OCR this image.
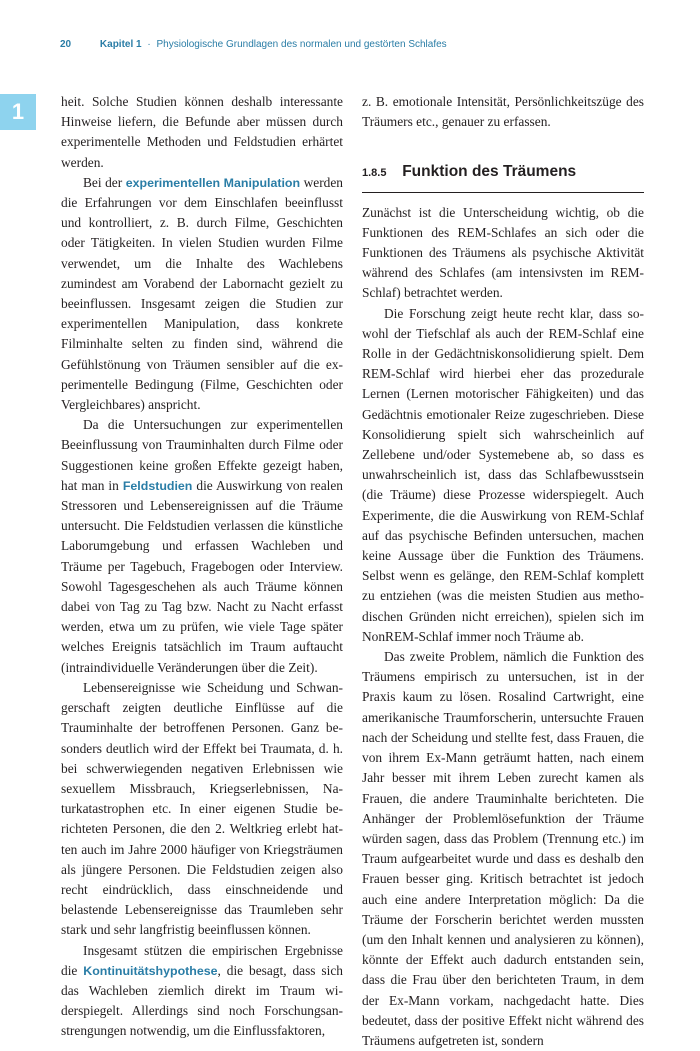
20	Kapitel 1 · Physiologische Grundlagen des normalen und gestörten Schlafes
1	heit. Solche Studien können deshalb interessante Hinweise liefern, die Befunde aber müssen durch experimentelle Methoden und Feldstudien erhärtet werden.

Bei der experimentellen Manipulation werden die Erfahrungen vor dem Einschlafen beeinflusst und kontrolliert, z. B. durch Filme, Geschichten oder Tätigkeiten. In vielen Studien wurden Filme verwendet, um die Inhalte des Wachlebens zumindest am Vorabend der Labornacht gezielt zu beeinflussen. Insgesamt zeigen die Studien zur experimentellen Manipulation, dass konkrete Filminhalte selten zu finden sind, während die Gefühlstönung von Träumen sensibler auf die experimentelle Bedingung (Filme, Geschichten oder Vergleichbares) anspricht.

Da die Untersuchungen zur experimentellen Beeinflussung von Trauminhalten durch Filme oder Suggestionen keine großen Effekte gezeigt haben, hat man in Feldstudien die Auswirkung von realen Stressoren und Lebensereignissen auf die Träume untersucht. Die Feldstudien verlassen die künstliche Laborumgebung und erfassen Wachleben und Träume per Tagebuch, Fragebogen oder Interview. Sowohl Tagesgeschehen als auch Träume können dabei von Tag zu Tag bzw. Nacht zu Nacht erfasst werden, etwa um zu prüfen, wie viele Tage später welches Ereignis tatsächlich im Traum auftaucht (intraindividuelle Veränderungen über die Zeit).

Lebensereignisse wie Scheidung und Schwangerschaft zeigten deutliche Einflüsse auf die Trauminhalte der betroffenen Personen. Ganz besonders deutlich wird der Effekt bei Traumata, d. h. bei schwerwiegenden negativen Erlebnissen wie sexuellem Missbrauch, Kriegserlebnissen, Naturkatastrophen etc. In einer eigenen Studie berichteten Personen, die den 2. Weltkrieg erlebt hatten auch im Jahre 2000 häufiger von Kriegsträumen als jüngere Personen. Die Feldstudien zeigen also recht eindrücklich, dass einschneidende und belastende Lebensereignisse das Traumleben sehr stark und sehr langfristig beeinflussen können.

Insgesamt stützen die empirischen Ergebnisse die Kontinuitätshypothese, die besagt, dass sich das Wachleben ziemlich direkt im Traum widerspiegelt. Allerdings sind noch Forschungsanstrengungen notwendig, um die Einflussfaktoren,

z. B. emotionale Intensität, Persönlichkeitszüge des Träumers etc., genauer zu erfassen.

1.8.5 Funktion des Träumens

Zunächst ist die Unterscheidung wichtig, ob die Funktionen des REM-Schlafes an sich oder die Funktionen des Träumens als psychische Aktivität während des Schlafes (am intensivsten im REM-Schlaf) betrachtet werden.

Die Forschung zeigt heute recht klar, dass sowohl der Tiefschlaf als auch der REM-Schlaf eine Rolle in der Gedächtniskonsolidierung spielt. Dem REM-Schlaf wird hierbei eher das prozedurale Lernen (Lernen motorischer Fähigkeiten) und das Gedächtnis emotionaler Reize zugeschrieben. Diese Konsolidierung spielt sich wahrscheinlich auf Zellebene und/oder Systemebene ab, so dass es unwahrscheinlich ist, dass das Schlafbewusstsein (die Träume) diese Prozesse widerspiegelt. Auch Experimente, die die Auswirkung von REM-Schlaf auf das psychische Befinden untersuchen, machen keine Aussage über die Funktion des Träumens. Selbst wenn es gelänge, den REM-Schlaf komplett zu entziehen (was die meisten Studien aus methodischen Gründen nicht erreichen), spielen sich im NonREM-Schlaf immer noch Träume ab.

Das zweite Problem, nämlich die Funktion des Träumens empirisch zu untersuchen, ist in der Praxis kaum zu lösen. Rosalind Cartwright, eine amerikanische Traumforscherin, untersuchte Frauen nach der Scheidung und stellte fest, dass Frauen, die von ihrem Ex-Mann geträumt hatten, nach einem Jahr besser mit ihrem Leben zurecht kamen als Frauen, die andere Trauminhalte berichteten. Die Anhänger der Problemlösefunktion der Träume würden sagen, dass das Problem (Trennung etc.) im Traum aufgearbeitet wurde und dass es deshalb den Frauen besser ging. Kritisch betrachtet ist jedoch auch eine andere Interpretation möglich: Da die Träume der Forscherin berichtet werden mussten (um den Inhalt kennen und analysieren zu können), könnte der Effekt auch dadurch entstanden sein, dass die Frau über den berichteten Traum, in dem der Ex-Mann vorkam, nachgedacht hatte. Dies bedeutet, dass der positive Effekt nicht während des Träumens aufgetreten ist, sondern
